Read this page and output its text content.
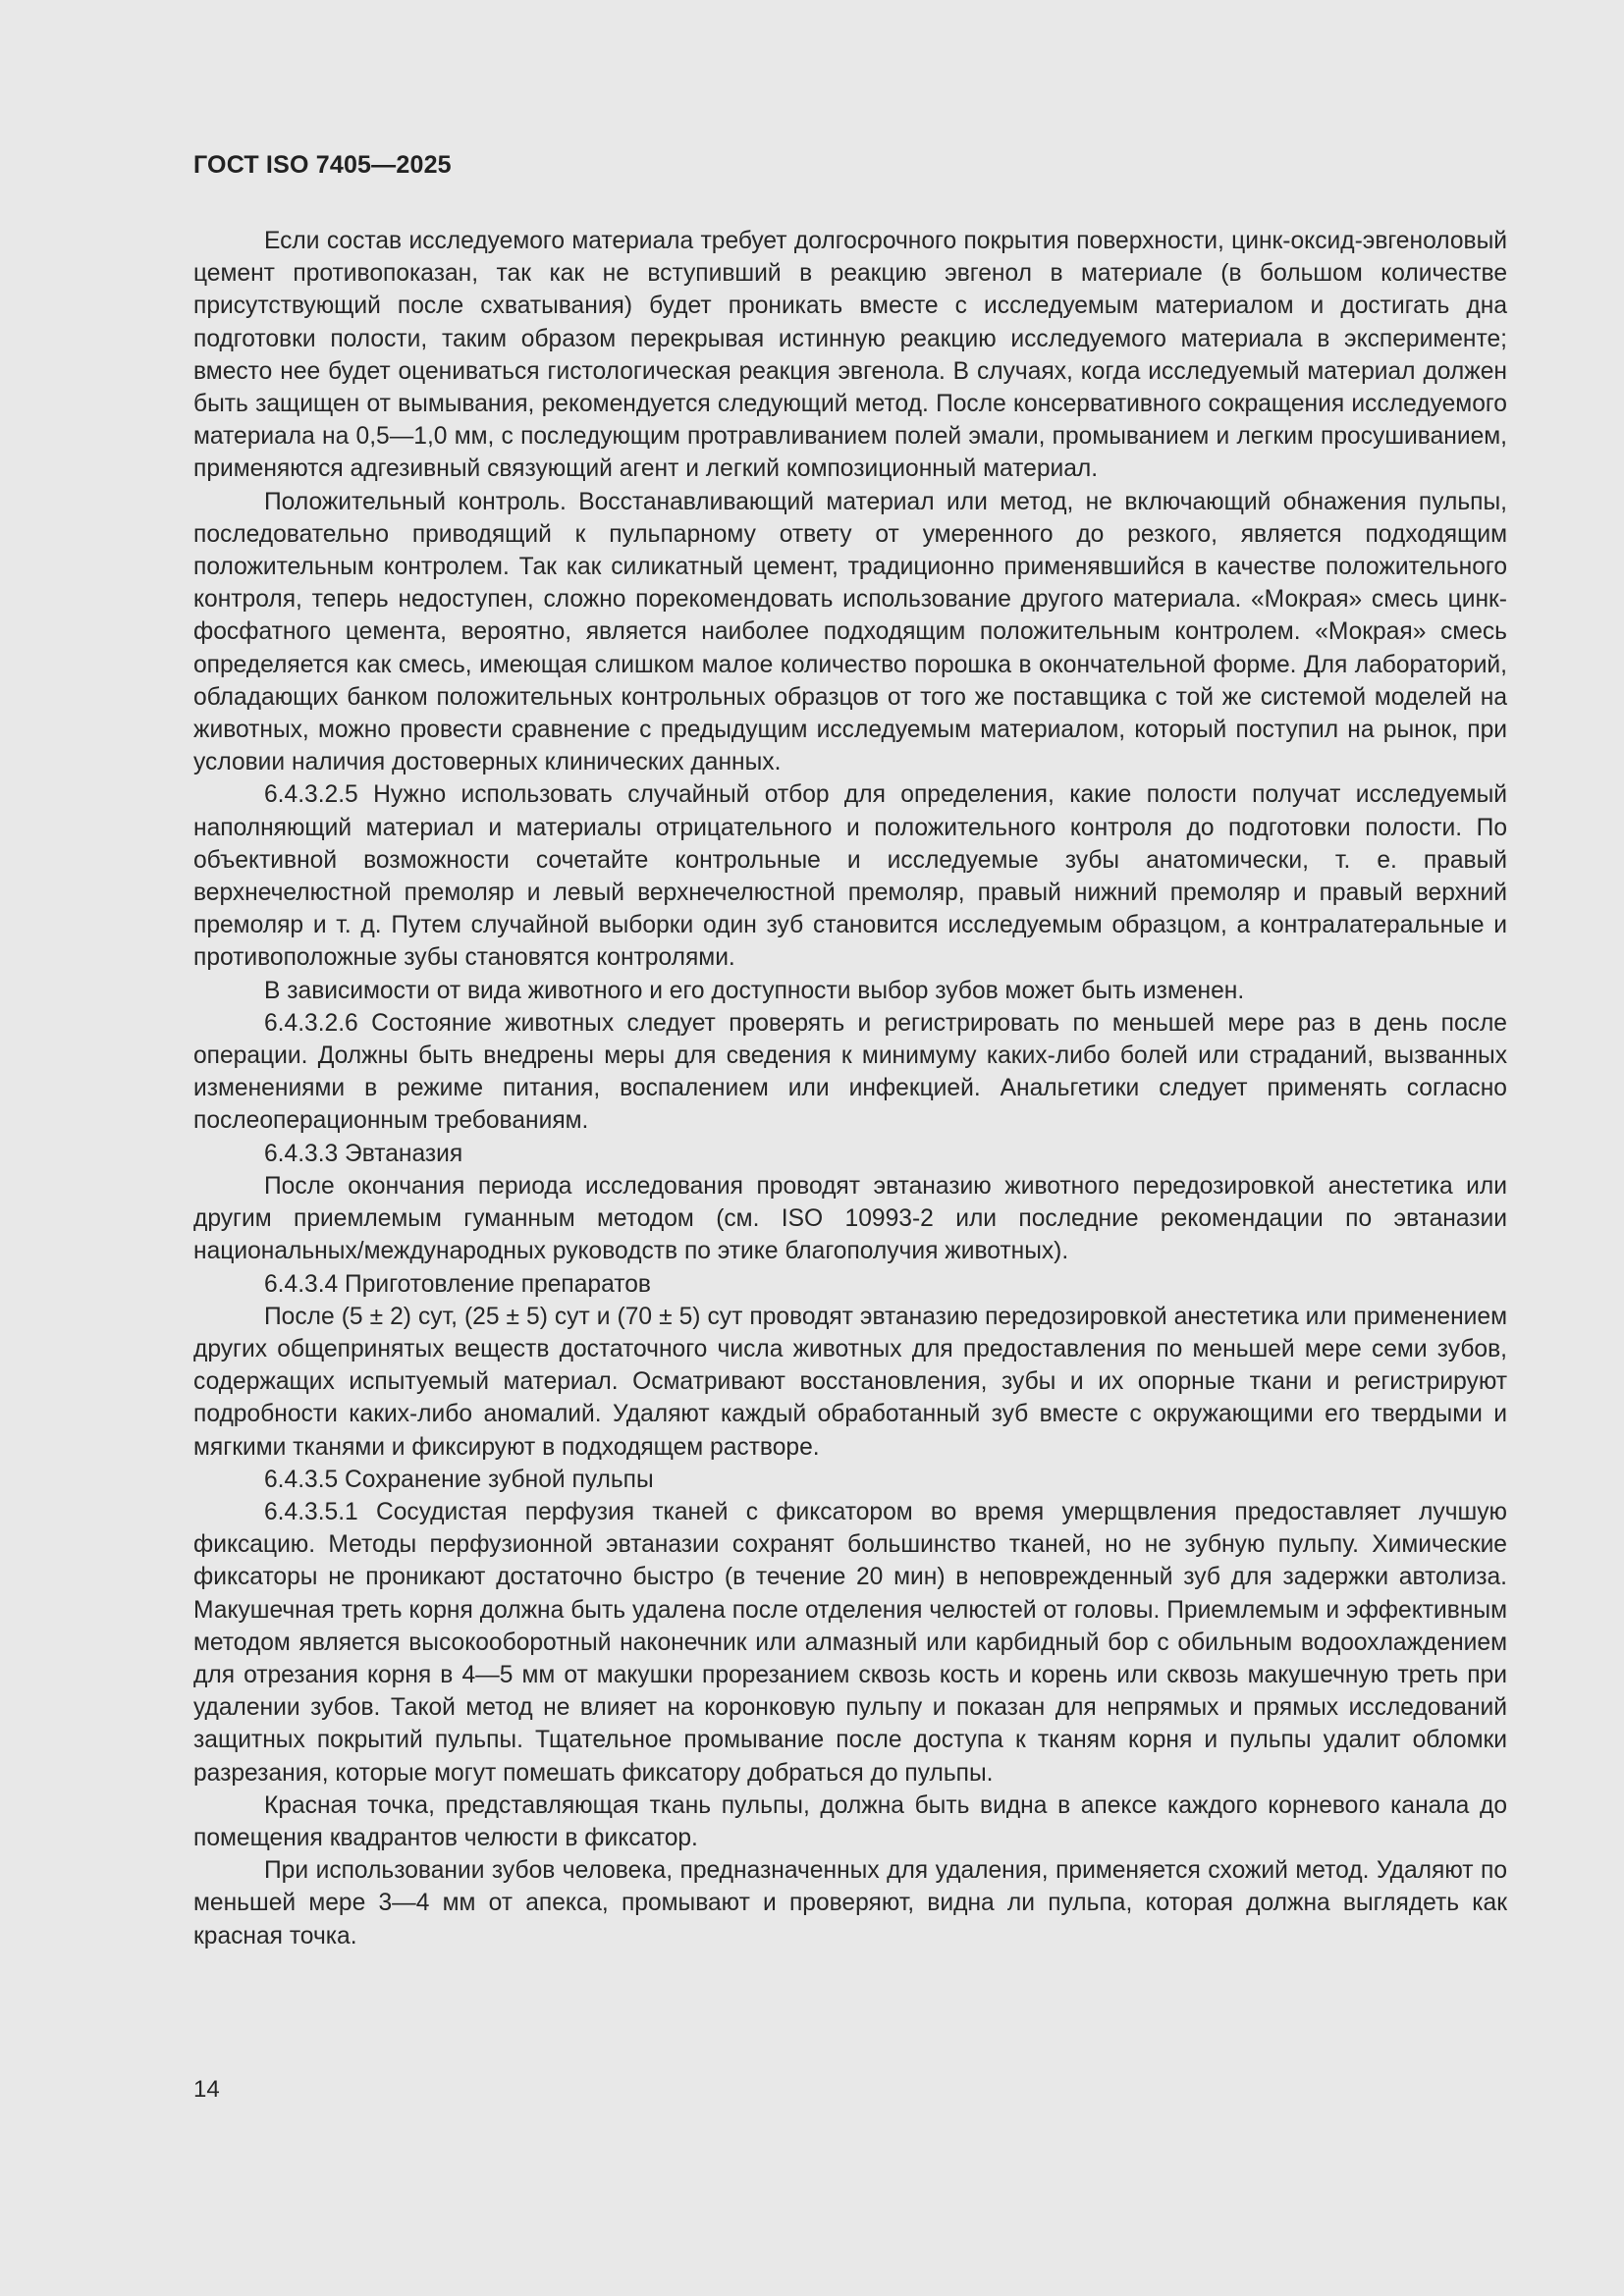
ГОСТ ISO 7405—2025

Если состав исследуемого материала требует долгосрочного покрытия поверхности, цинк-оксид-эвгеноловый цемент противопоказан, так как не вступивший в реакцию эвгенол в материале (в большом количестве присутствующий после схватывания) будет проникать вместе с исследуемым материалом и достигать дна подготовки полости, таким образом перекрывая истинную реакцию исследуемого материала в эксперименте; вместо нее будет оцениваться гистологическая реакция эвгенола. В случаях, когда исследуемый материал должен быть защищен от вымывания, рекомендуется следующий метод. После консервативного сокращения исследуемого материала на 0,5—1,0 мм, с последующим протравливанием полей эмали, промыванием и легким просушиванием, применяются адгезивный связующий агент и легкий композиционный материал.

Положительный контроль. Восстанавливающий материал или метод, не включающий обнажения пульпы, последовательно приводящий к пульпарному ответу от умеренного до резкого, является подходящим положительным контролем. Так как силикатный цемент, традиционно применявшийся в качестве положительного контроля, теперь недоступен, сложно порекомендовать использование другого материала. «Мокрая» смесь цинк-фосфатного цемента, вероятно, является наиболее подходящим положительным контролем. «Мокрая» смесь определяется как смесь, имеющая слишком малое количество порошка в окончательной форме. Для лабораторий, обладающих банком положительных контрольных образцов от того же поставщика с той же системой моделей на животных, можно провести сравнение с предыдущим исследуемым материалом, который поступил на рынок, при условии наличия достоверных клинических данных.

6.4.3.2.5 Нужно использовать случайный отбор для определения, какие полости получат исследуемый наполняющий материал и материалы отрицательного и положительного контроля до подготовки полости. По объективной возможности сочетайте контрольные и исследуемые зубы анатомически, т. е. правый верхнечелюстной премоляр и левый верхнечелюстной премоляр, правый нижний премоляр и правый верхний премоляр и т. д. Путем случайной выборки один зуб становится исследуемым образцом, а контралатеральные и противоположные зубы становятся контролями.

В зависимости от вида животного и его доступности выбор зубов может быть изменен.

6.4.3.2.6 Состояние животных следует проверять и регистрировать по меньшей мере раз в день после операции. Должны быть внедрены меры для сведения к минимуму каких-либо болей или страданий, вызванных изменениями в режиме питания, воспалением или инфекцией. Анальгетики следует применять согласно послеоперационным требованиям.

6.4.3.3 Эвтаназия

После окончания периода исследования проводят эвтаназию животного передозировкой анестетика или другим приемлемым гуманным методом (см. ISO 10993-2 или последние рекомендации по эвтаназии национальных/международных руководств по этике благополучия животных).

6.4.3.4 Приготовление препаратов

После (5 ± 2) сут, (25 ± 5) сут и (70 ± 5) сут проводят эвтаназию передозировкой анестетика или применением других общепринятых веществ достаточного числа животных для предоставления по меньшей мере семи зубов, содержащих испытуемый материал. Осматривают восстановления, зубы и их опорные ткани и регистрируют подробности каких-либо аномалий. Удаляют каждый обработанный зуб вместе с окружающими его твердыми и мягкими тканями и фиксируют в подходящем растворе.

6.4.3.5 Сохранение зубной пульпы

6.4.3.5.1 Сосудистая перфузия тканей с фиксатором во время умерщвления предоставляет лучшую фиксацию. Методы перфузионной эвтаназии сохранят большинство тканей, но не зубную пульпу. Химические фиксаторы не проникают достаточно быстро (в течение 20 мин) в неповрежденный зуб для задержки автолиза. Макушечная треть корня должна быть удалена после отделения челюстей от головы. Приемлемым и эффективным методом является высокооборотный наконечник или алмазный или карбидный бор с обильным водоохлаждением для отрезания корня в 4—5 мм от макушки прорезанием сквозь кость и корень или сквозь макушечную треть при удалении зубов. Такой метод не влияет на коронковую пульпу и показан для непрямых и прямых исследований защитных покрытий пульпы. Тщательное промывание после доступа к тканям корня и пульпы удалит обломки разрезания, которые могут помешать фиксатору добраться до пульпы.

Красная точка, представляющая ткань пульпы, должна быть видна в апексе каждого корневого канала до помещения квадрантов челюсти в фиксатор.

При использовании зубов человека, предназначенных для удаления, применяется схожий метод. Удаляют по меньшей мере 3—4 мм от апекса, промывают и проверяют, видна ли пульпа, которая должна выглядеть как красная точка.

14
